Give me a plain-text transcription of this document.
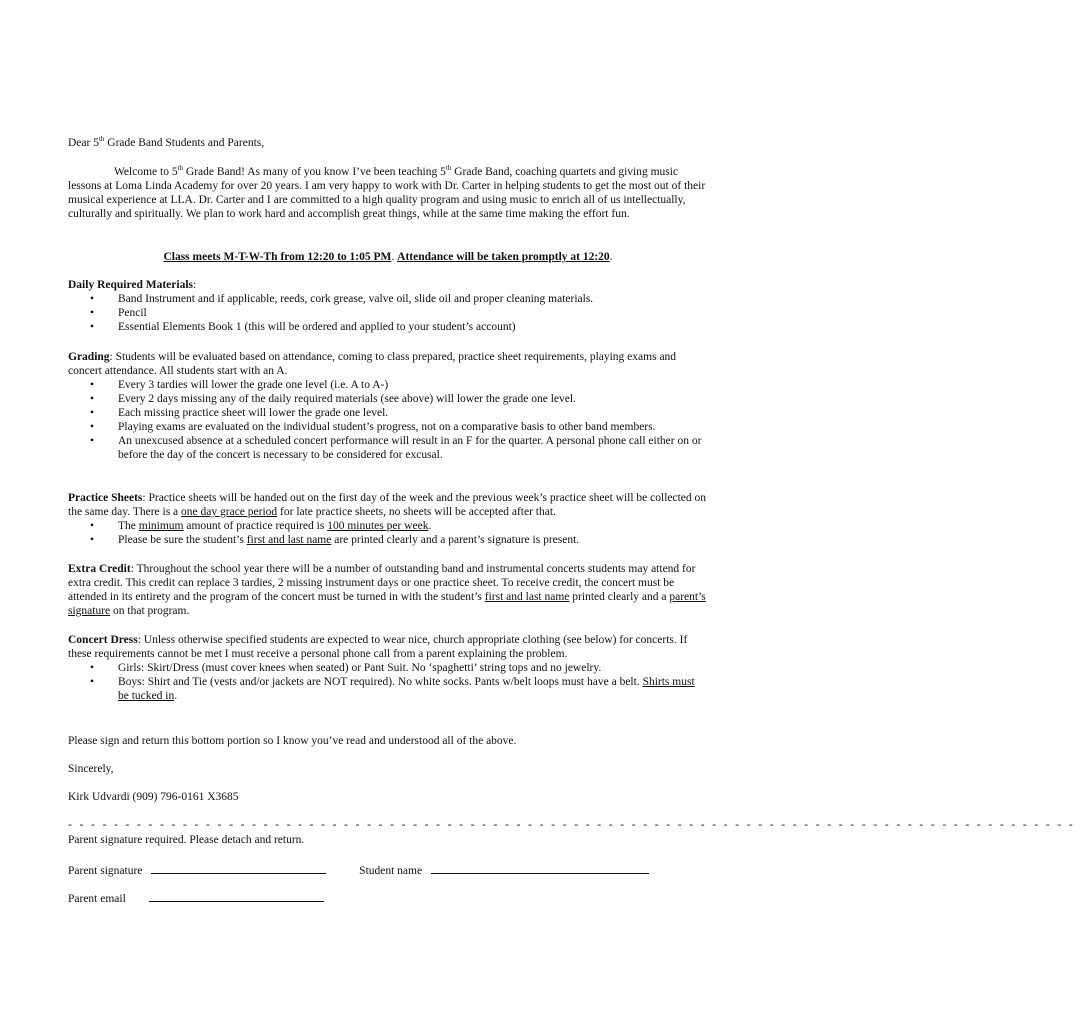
Dear 5th Grade Band Students and Parents,

Welcome to 5th Grade Band! As many of you know I’ve been teaching 5th Grade Band, coaching quartets and giving music lessons at Loma Linda Academy for over 20 years. I am very happy to work with Dr. Carter in helping students to get the most out of their musical experience at LLA. Dr. Carter and I are committed to a high quality program and using music to enrich all of us intellectually, culturally and spiritually. We plan to work hard and accomplish great things, while at the same time making the effort fun.

Class meets M-T-W-Th from 12:20 to 1:05 PM. Attendance will be taken promptly at 12:20.

Daily Required Materials:

• Band Instrument and if applicable, reeds, cork grease, valve oil, slide oil and proper cleaning materials.
• Pencil
• Essential Elements Book 1 (this will be ordered and applied to your student’s account)

Grading: Students will be evaluated based on attendance, coming to class prepared, practice sheet requirements, playing exams and concert attendance. All students start with an A.

• Every 3 tardies will lower the grade one level (i.e. A to A-)
• Every 2 days missing any of the daily required materials (see above) will lower the grade one level.
• Each missing practice sheet will lower the grade one level.
• Playing exams are evaluated on the individual student’s progress, not on a comparative basis to other band members.
• An unexcused absence at a scheduled concert performance will result in an F for the quarter. A personal phone call either on or before the day of the concert is necessary to be considered for excusal.

Practice Sheets: Practice sheets will be handed out on the first day of the week and the previous week’s practice sheet will be collected on the same day. There is a one day grace period for late practice sheets, no sheets will be accepted after that.

• The minimum amount of practice required is 100 minutes per week.
• Please be sure the student’s first and last name are printed clearly and a parent’s signature is present.

Extra Credit: Throughout the school year there will be a number of outstanding band and instrumental concerts students may attend for extra credit. This credit can replace 3 tardies, 2 missing instrument days or one practice sheet. To receive credit, the concert must be attended in its entirety and the program of the concert must be turned in with the student’s first and last name printed clearly and a parent’s signature on that program.

Concert Dress: Unless otherwise specified students are expected to wear nice, church appropriate clothing (see below) for concerts. If these requirements cannot be met I must receive a personal phone call from a parent explaining the problem.

• Girls: Skirt/Dress (must cover knees when seated) or Pant Suit. No ‘spaghetti’ string tops and no jewelry.
• Boys: Shirt and Tie (vests and/or jackets are NOT required). No white socks. Pants w/belt loops must have a belt. Shirts must be tucked in.
Please sign and return this bottom portion so I know you’ve read and understood all of the above.
Sincerely,
Kirk Udvardi (909) 796-0161 X3685
- - - - - - - - - - - - - - - - - - - - - - - - - - - - - - - - - - - - - - - - - - - - - - - - - - - - - - - - - - - - - - - - - - - - - - - - - - - - - - - - - - - - - - - -
Parent signature required. Please detach and return.
Parent signature	Student name
Parent email
